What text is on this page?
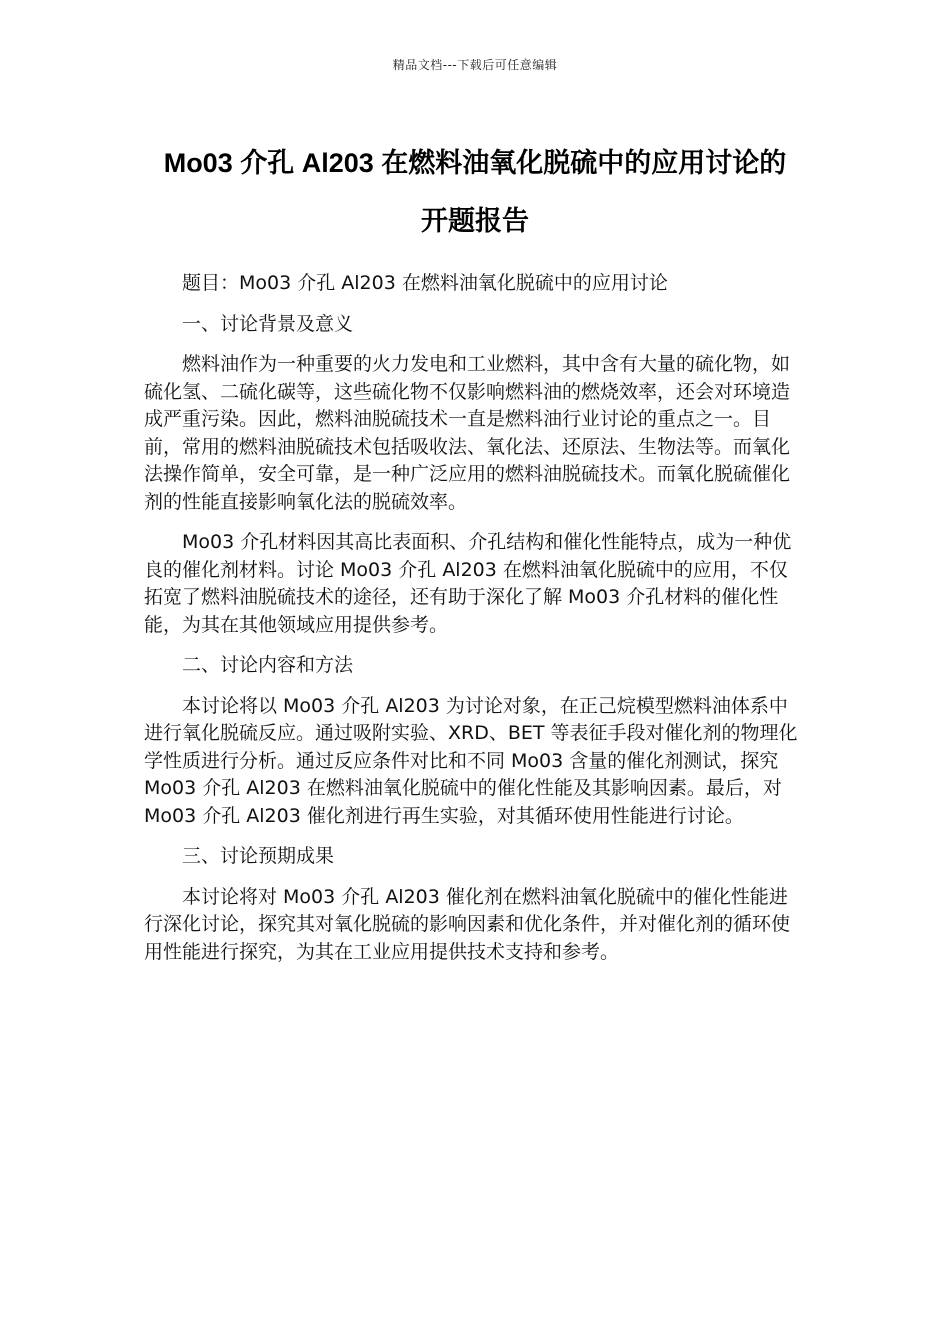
精品文档---下载后可任意编辑
Mo03 介孔 Al203 在燃料油氧化脱硫中的应用讨论的
开题报告

题目：Mo03 介孔 Al203 在燃料油氧化脱硫中的应用讨论

一、讨论背景及意义

燃料油作为一种重要的火力发电和工业燃料，其中含有大量的硫化物，如硫化氢、二硫化碳等，这些硫化物不仅影响燃料油的燃烧效率，还会对环境造成严重污染。因此，燃料油脱硫技术一直是燃料油行业讨论的重点之一。目前，常用的燃料油脱硫技术包括吸收法、氧化法、还原法、生物法等。而氧化法操作简单，安全可靠，是一种广泛应用的燃料油脱硫技术。而氧化脱硫催化剂的性能直接影响氧化法的脱硫效率。

Mo03 介孔材料因其高比表面积、介孔结构和催化性能特点，成为一种优良的催化剂材料。讨论 Mo03 介孔 Al203 在燃料油氧化脱硫中的应用，不仅拓宽了燃料油脱硫技术的途径，还有助于深化了解 Mo03 介孔材料的催化性能，为其在其他领域应用提供参考。

二、讨论内容和方法

本讨论将以 Mo03 介孔 Al203 为讨论对象，在正己烷模型燃料油体系中进行氧化脱硫反应。通过吸附实验、XRD、BET 等表征手段对催化剂的物理化学性质进行分析。通过反应条件对比和不同 Mo03 含量的催化剂测试，探究 Mo03 介孔 Al203 在燃料油氧化脱硫中的催化性能及其影响因素。最后，对 Mo03 介孔 Al203 催化剂进行再生实验，对其循环使用性能进行讨论。

三、讨论预期成果

本讨论将对 Mo03 介孔 Al203 催化剂在燃料油氧化脱硫中的催化性能进行深化讨论，探究其对氧化脱硫的影响因素和优化条件，并对催化剂的循环使用性能进行探究，为其在工业应用提供技术支持和参考。
